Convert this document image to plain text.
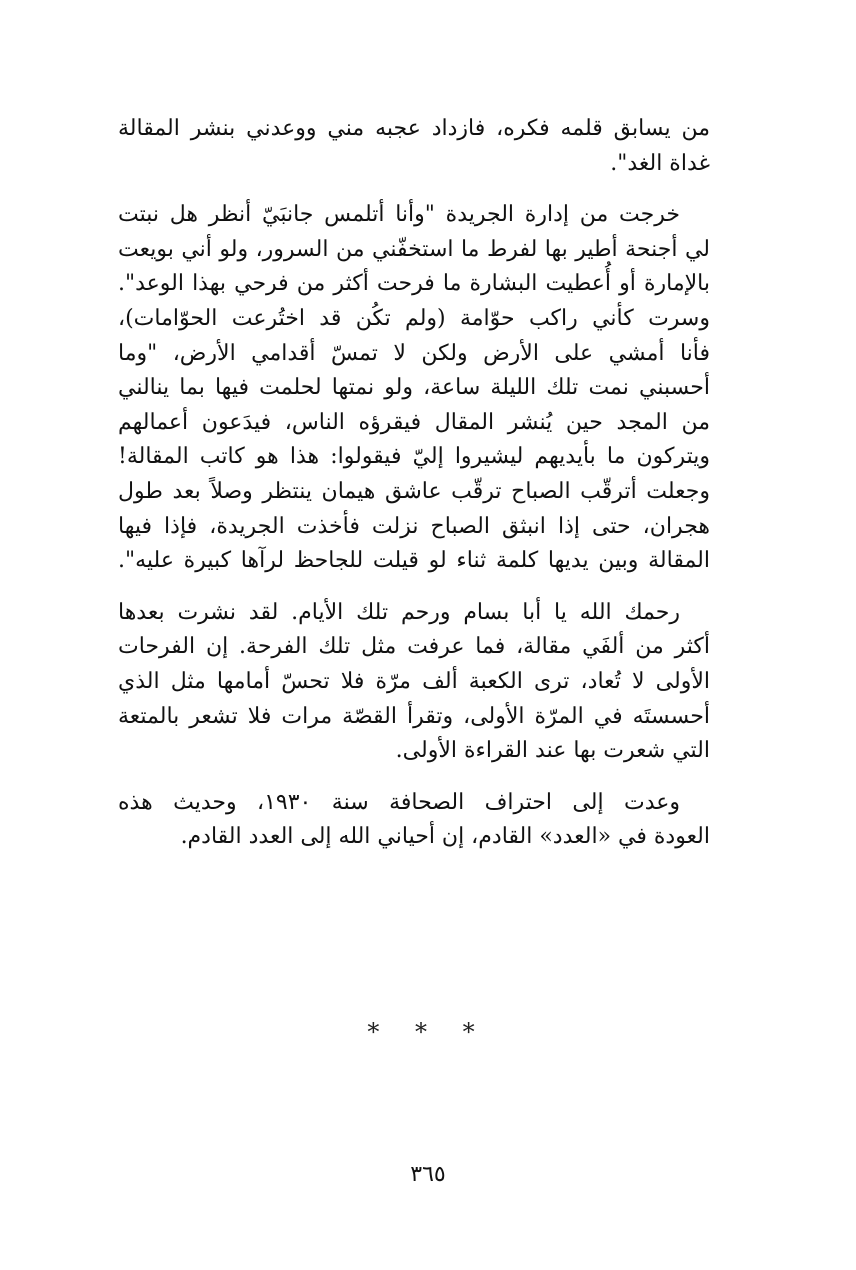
من يسابق قلمه فكره، فازداد عجبه مني ووعدني بنشر المقالة
غداة الغد".

خرجت من إدارة الجريدة "وأنا أتلمس جانبَيّ أنظر هل نبتت
لي أجنحة أطير بها لفرط ما استخفّني من السرور، ولو أني بويعت
بالإمارة أو أُعطيت البشارة ما فرحت أكثر من فرحي بهذا الوعد".
وسرت كأني راكب حوّامة (ولم تكُن قد اختُرعت الحوّامات)،
فأنا أمشي على الأرض ولكن لا تمسّ أقدامي الأرض، "وما
أحسبني نمت تلك الليلة ساعة، ولو نمتها لحلمت فيها بما ينالني
من المجد حين يُنشر المقال فيقرؤه الناس، فيدَعون أعمالهم
ويتركون ما بأيديهم ليشيروا إليّ فيقولوا: هذا هو كاتب المقالة!
وجعلت أترقّب الصباح ترقّب عاشق هيمان ينتظر وصلاً بعد طول
هجران، حتى إذا انبثق الصباح نزلت فأخذت الجريدة، فإذا فيها
المقالة وبين يديها كلمة ثناء لو قيلت للجاحظ لرآها كبيرة عليه".

رحمك الله يا أبا بسام ورحم تلك الأيام. لقد نشرت بعدها
أكثر من ألفَي مقالة، فما عرفت مثل تلك الفرحة. إن الفرحات
الأولى لا تُعاد، ترى الكعبة ألف مرّة فلا تحسّ أمامها مثل الذي
أحسستَه في المرّة الأولى، وتقرأ القصّة مرات فلا تشعر بالمتعة
التي شعرت بها عند القراءة الأولى.

وعدت إلى احتراف الصحافة سنة ١٩٣٠، وحديث هذه
العودة في «العدد» القادم، إن أحياني الله إلى العدد القادم.

* * *
٣٦٥
